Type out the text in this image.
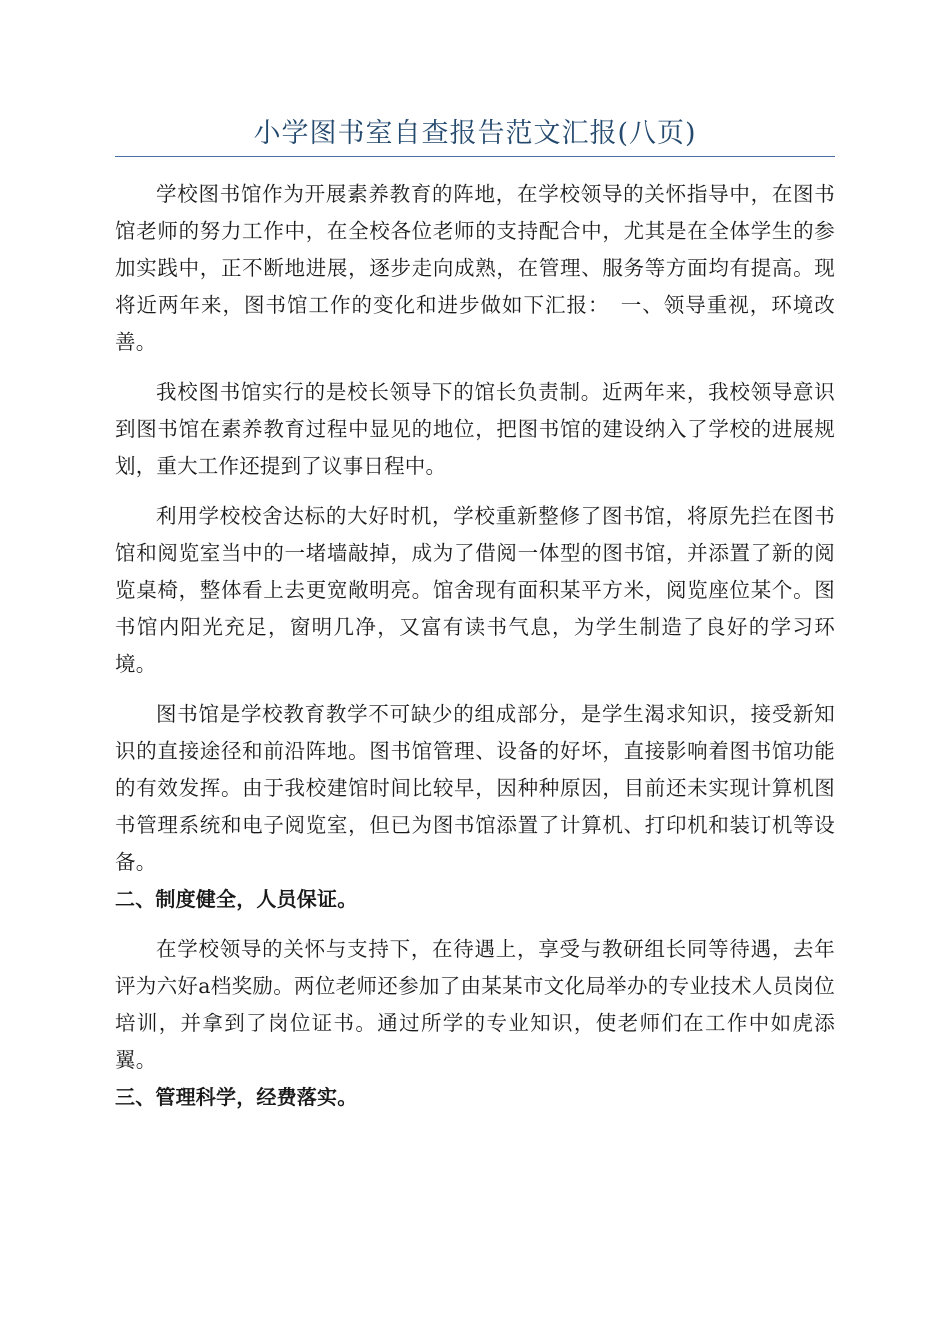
小学图书室自查报告范文汇报(八页)

学校图书馆作为开展素养教育的阵地，在学校领导的关怀指导中，在图书馆老师的努力工作中，在全校各位老师的支持配合中，尤其是在全体学生的参加实践中，正不断地进展，逐步走向成熟，在管理、服务等方面均有提高。现将近两年来，图书馆工作的变化和进步做如下汇报：　一、领导重视，环境改善。

我校图书馆实行的是校长领导下的馆长负责制。近两年来，我校领导意识到图书馆在素养教育过程中显见的地位，把图书馆的建设纳入了学校的进展规划，重大工作还提到了议事日程中。

利用学校校舍达标的大好时机，学校重新整修了图书馆，将原先拦在图书馆和阅览室当中的一堵墙敲掉，成为了借阅一体型的图书馆，并添置了新的阅览桌椅，整体看上去更宽敞明亮。馆舍现有面积某平方米，阅览座位某个。图书馆内阳光充足，窗明几净，又富有读书气息，为学生制造了良好的学习环境。

图书馆是学校教育教学不可缺少的组成部分，是学生渴求知识，接受新知识的直接途径和前沿阵地。图书馆管理、设备的好坏，直接影响着图书馆功能的有效发挥。由于我校建馆时间比较早，因种种原因，目前还未实现计算机图书管理系统和电子阅览室，但已为图书馆添置了计算机、打印机和装订机等设备。

二、制度健全，人员保证。

在学校领导的关怀与支持下，在待遇上，享受与教研组长同等待遇，去年评为六好a档奖励。两位老师还参加了由某某市文化局举办的专业技术人员岗位培训，并拿到了岗位证书。通过所学的专业知识，使老师们在工作中如虎添翼。

三、管理科学，经费落实。
